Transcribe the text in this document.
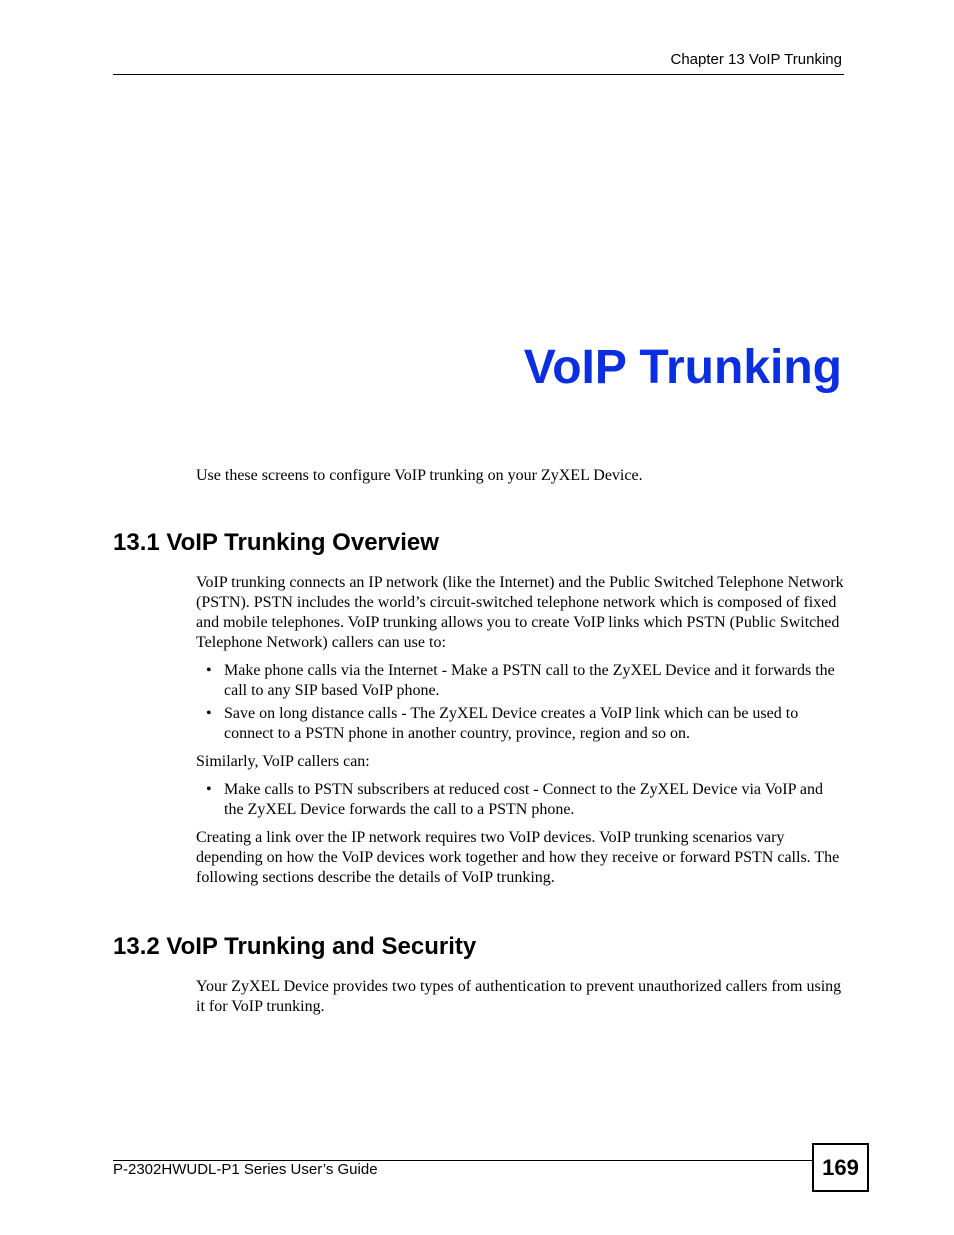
Chapter 13 VoIP Trunking
VoIP Trunking

Use these screens to configure VoIP trunking on your ZyXEL Device.

13.1 VoIP Trunking Overview

VoIP trunking connects an IP network (like the Internet) and the Public Switched Telephone Network (PSTN). PSTN includes the world’s circuit-switched telephone network which is composed of fixed and mobile telephones. VoIP trunking allows you to create VoIP links which PSTN (Public Switched Telephone Network) callers can use to:

• Make phone calls via the Internet - Make a PSTN call to the ZyXEL Device and it forwards the call to any SIP based VoIP phone.
• Save on long distance calls - The ZyXEL Device creates a VoIP link which can be used to connect to a PSTN phone in another country, province, region and so on.

Similarly, VoIP callers can:

• Make calls to PSTN subscribers at reduced cost - Connect to the ZyXEL Device via VoIP and the ZyXEL Device forwards the call to a PSTN phone.

Creating a link over the IP network requires two VoIP devices. VoIP trunking scenarios vary depending on how the VoIP devices work together and how they receive or forward PSTN calls. The following sections describe the details of VoIP trunking.

13.2 VoIP Trunking and Security

Your ZyXEL Device provides two types of authentication to prevent unauthorized callers from using it for VoIP trunking.

P-2302HWUDL-P1 Series User’s Guide	169
